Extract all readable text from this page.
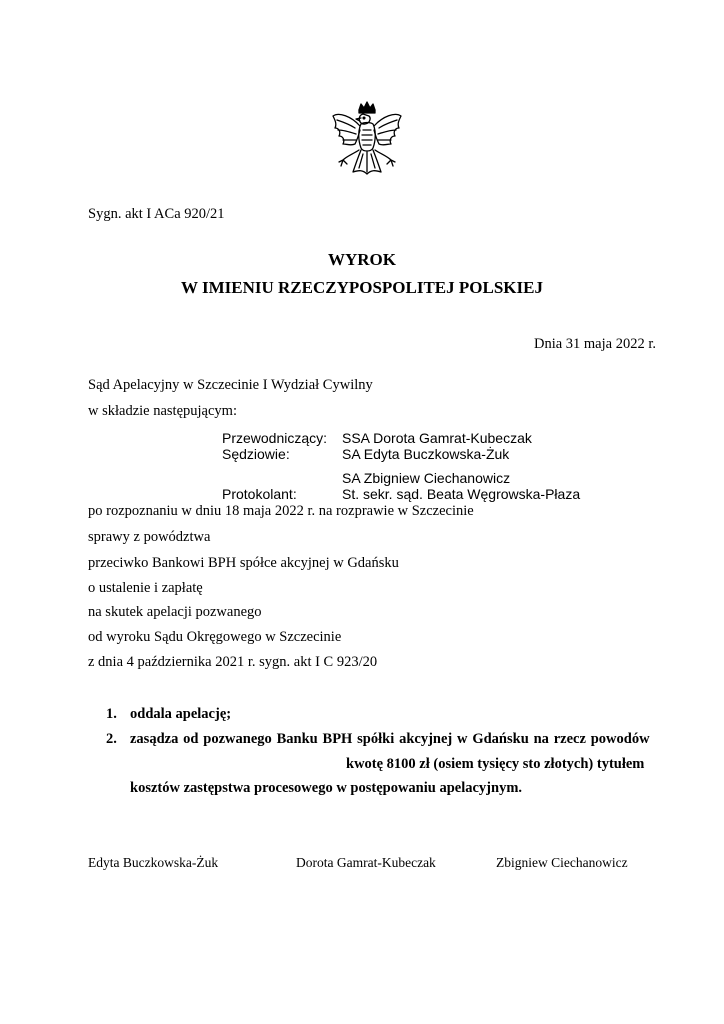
Sygn. akt I ACa 920/21
WYROK
W IMIENIU RZECZYPOSPOLITEJ POLSKIEJ
Dnia 31 maja 2022 r.
Sąd Apelacyjny w Szczecinie I Wydział Cywilny
w składzie następującym:
Przewodniczący: SSA Dorota Gamrat-Kubeczak
Sędziowie:	SA Edyta Buczkowska-Żuk
SA Zbigniew Ciechanowicz
Protokolant:	St. sekr. sąd. Beata Węgrowska-Płaza
po rozpoznaniu w dniu 18 maja 2022 r. na rozprawie w Szczecinie
sprawy z powództwa
przeciwko Bankowi BPH spółce akcyjnej w Gdańsku
o ustalenie i zapłatę
na skutek apelacji pozwanego
od wyroku Sądu Okręgowego w Szczecinie
z dnia 4 października 2021 r. sygn. akt I C 923/20
1. oddala apelację;
2. zasądza od pozwanego Banku BPH spółki akcyjnej w Gdańsku na rzecz powodów
kwotę 8100 zł (osiem tysięcy sto złotych) tytułem
kosztów zastępstwa procesowego w postępowaniu apelacyjnym.
Edyta Buczkowska-Żuk	Dorota Gamrat-Kubeczak	Zbigniew Ciechanowicz
